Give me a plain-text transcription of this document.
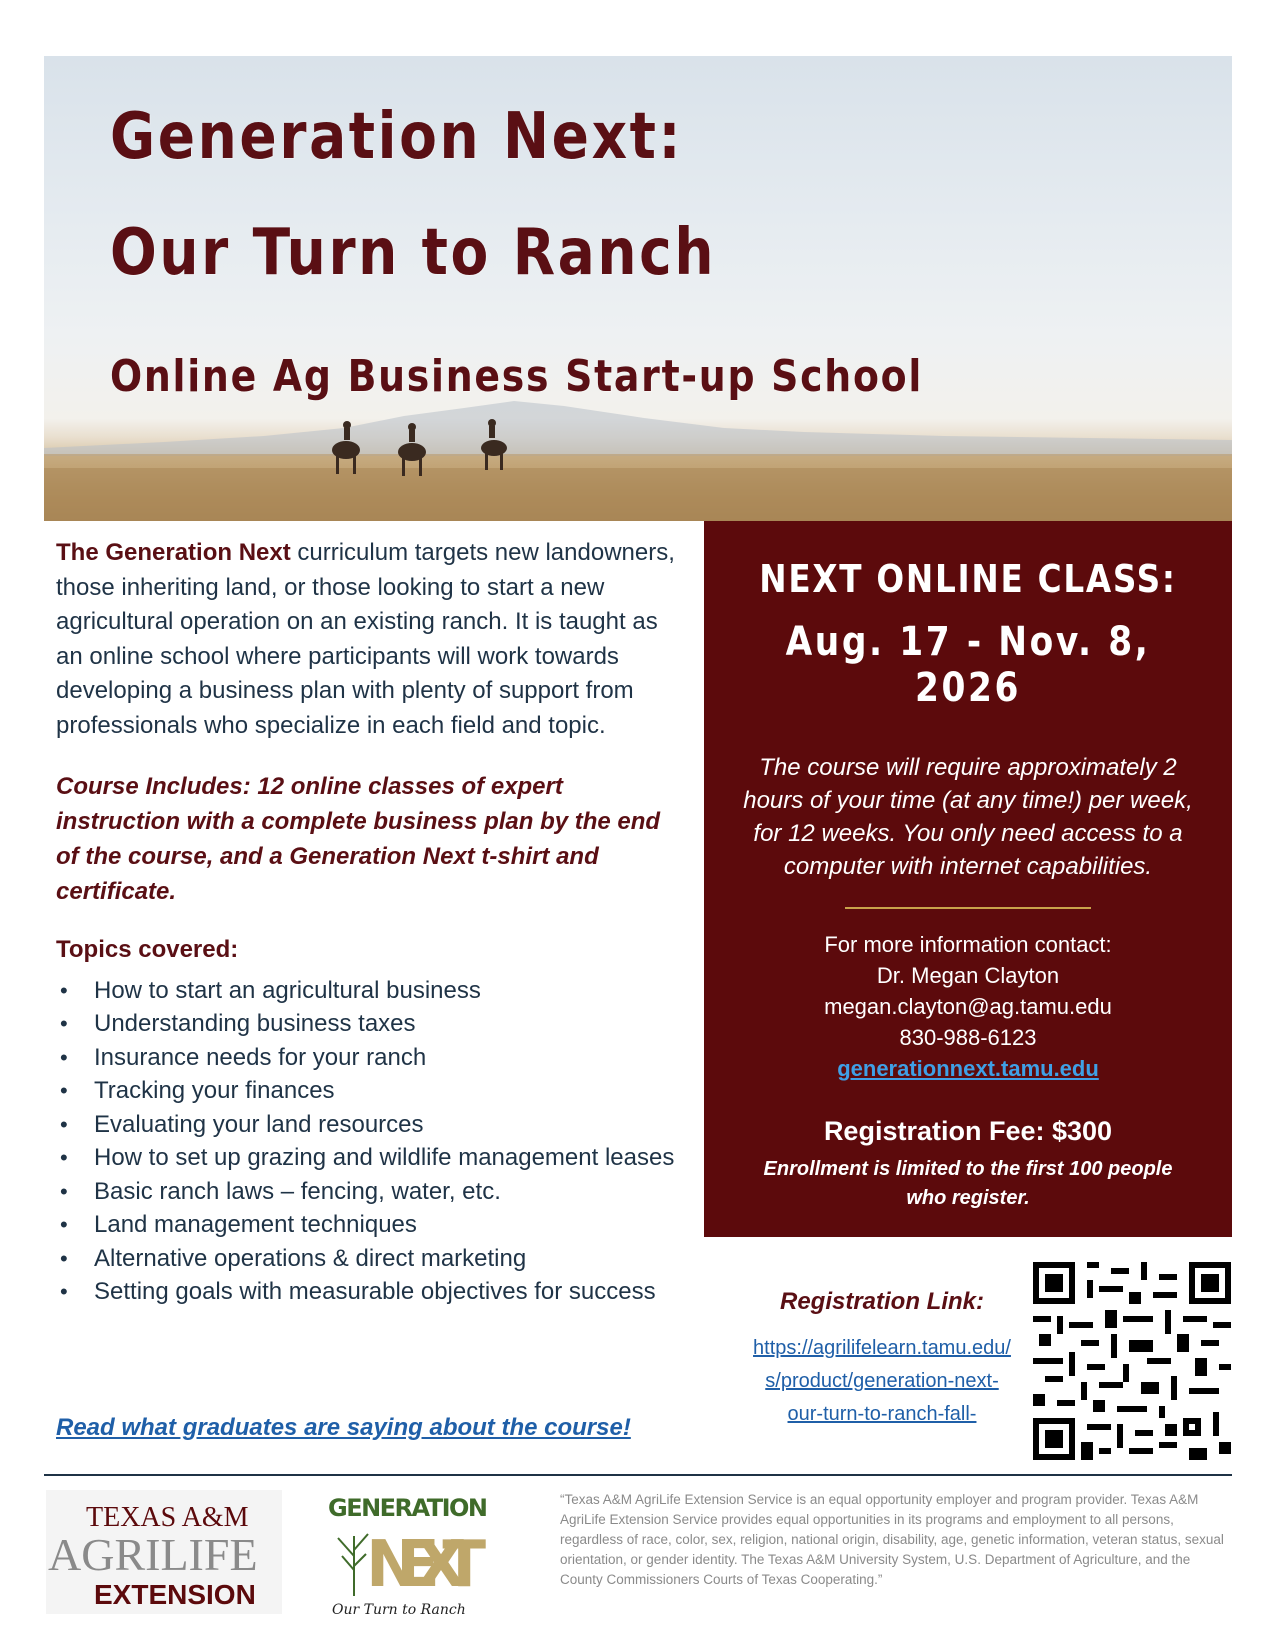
Generation Next:
Our Turn to Ranch
Online Ag Business Start-up School
The Generation Next curriculum targets new landowners, those inheriting land, or those looking to start a new agricultural operation on an existing ranch. It is taught as an online school where participants will work towards developing a business plan with plenty of support from professionals who specialize in each field and topic.
Course Includes: 12 online classes of expert instruction with a complete business plan by the end of the course, and a Generation Next t-shirt and certificate.
Topics covered:
• How to start an agricultural business
• Understanding business taxes
• Insurance needs for your ranch
• Tracking your finances
• Evaluating your land resources
• How to set up grazing and wildlife management leases
• Basic ranch laws – fencing, water, etc.
• Land management techniques
• Alternative operations & direct marketing
• Setting goals with measurable objectives for success
Read what graduates are saying about the course!
NEXT ONLINE CLASS:
Aug. 17 - Nov. 8, 2026
The course will require approximately 2 hours of your time (at any time!) per week, for 12 weeks. You only need access to a computer with internet capabilities.
For more information contact:
Dr. Megan Clayton
megan.clayton@ag.tamu.edu
830-988-6123
generationnext.tamu.edu
Registration Fee: $300
Enrollment is limited to the first 100 people who register.
Registration Link:
https://agrilifelearn.tamu.edu/
s/product/generation-next-
our-turn-to-ranch-fall-
TEXAS A&M
AGRILIFE
EXTENSION
GENERATION
NEXT
Our Turn to Ranch
“Texas A&M AgriLife Extension Service is an equal opportunity employer and program provider. Texas A&M AgriLife Extension Service provides equal opportunities in its programs and employment to all persons, regardless of race, color, sex, religion, national origin, disability, age, genetic information, veteran status, sexual orientation, or gender identity. The Texas A&M University System, U.S. Department of Agriculture, and the County Commissioners Courts of Texas Cooperating.”
